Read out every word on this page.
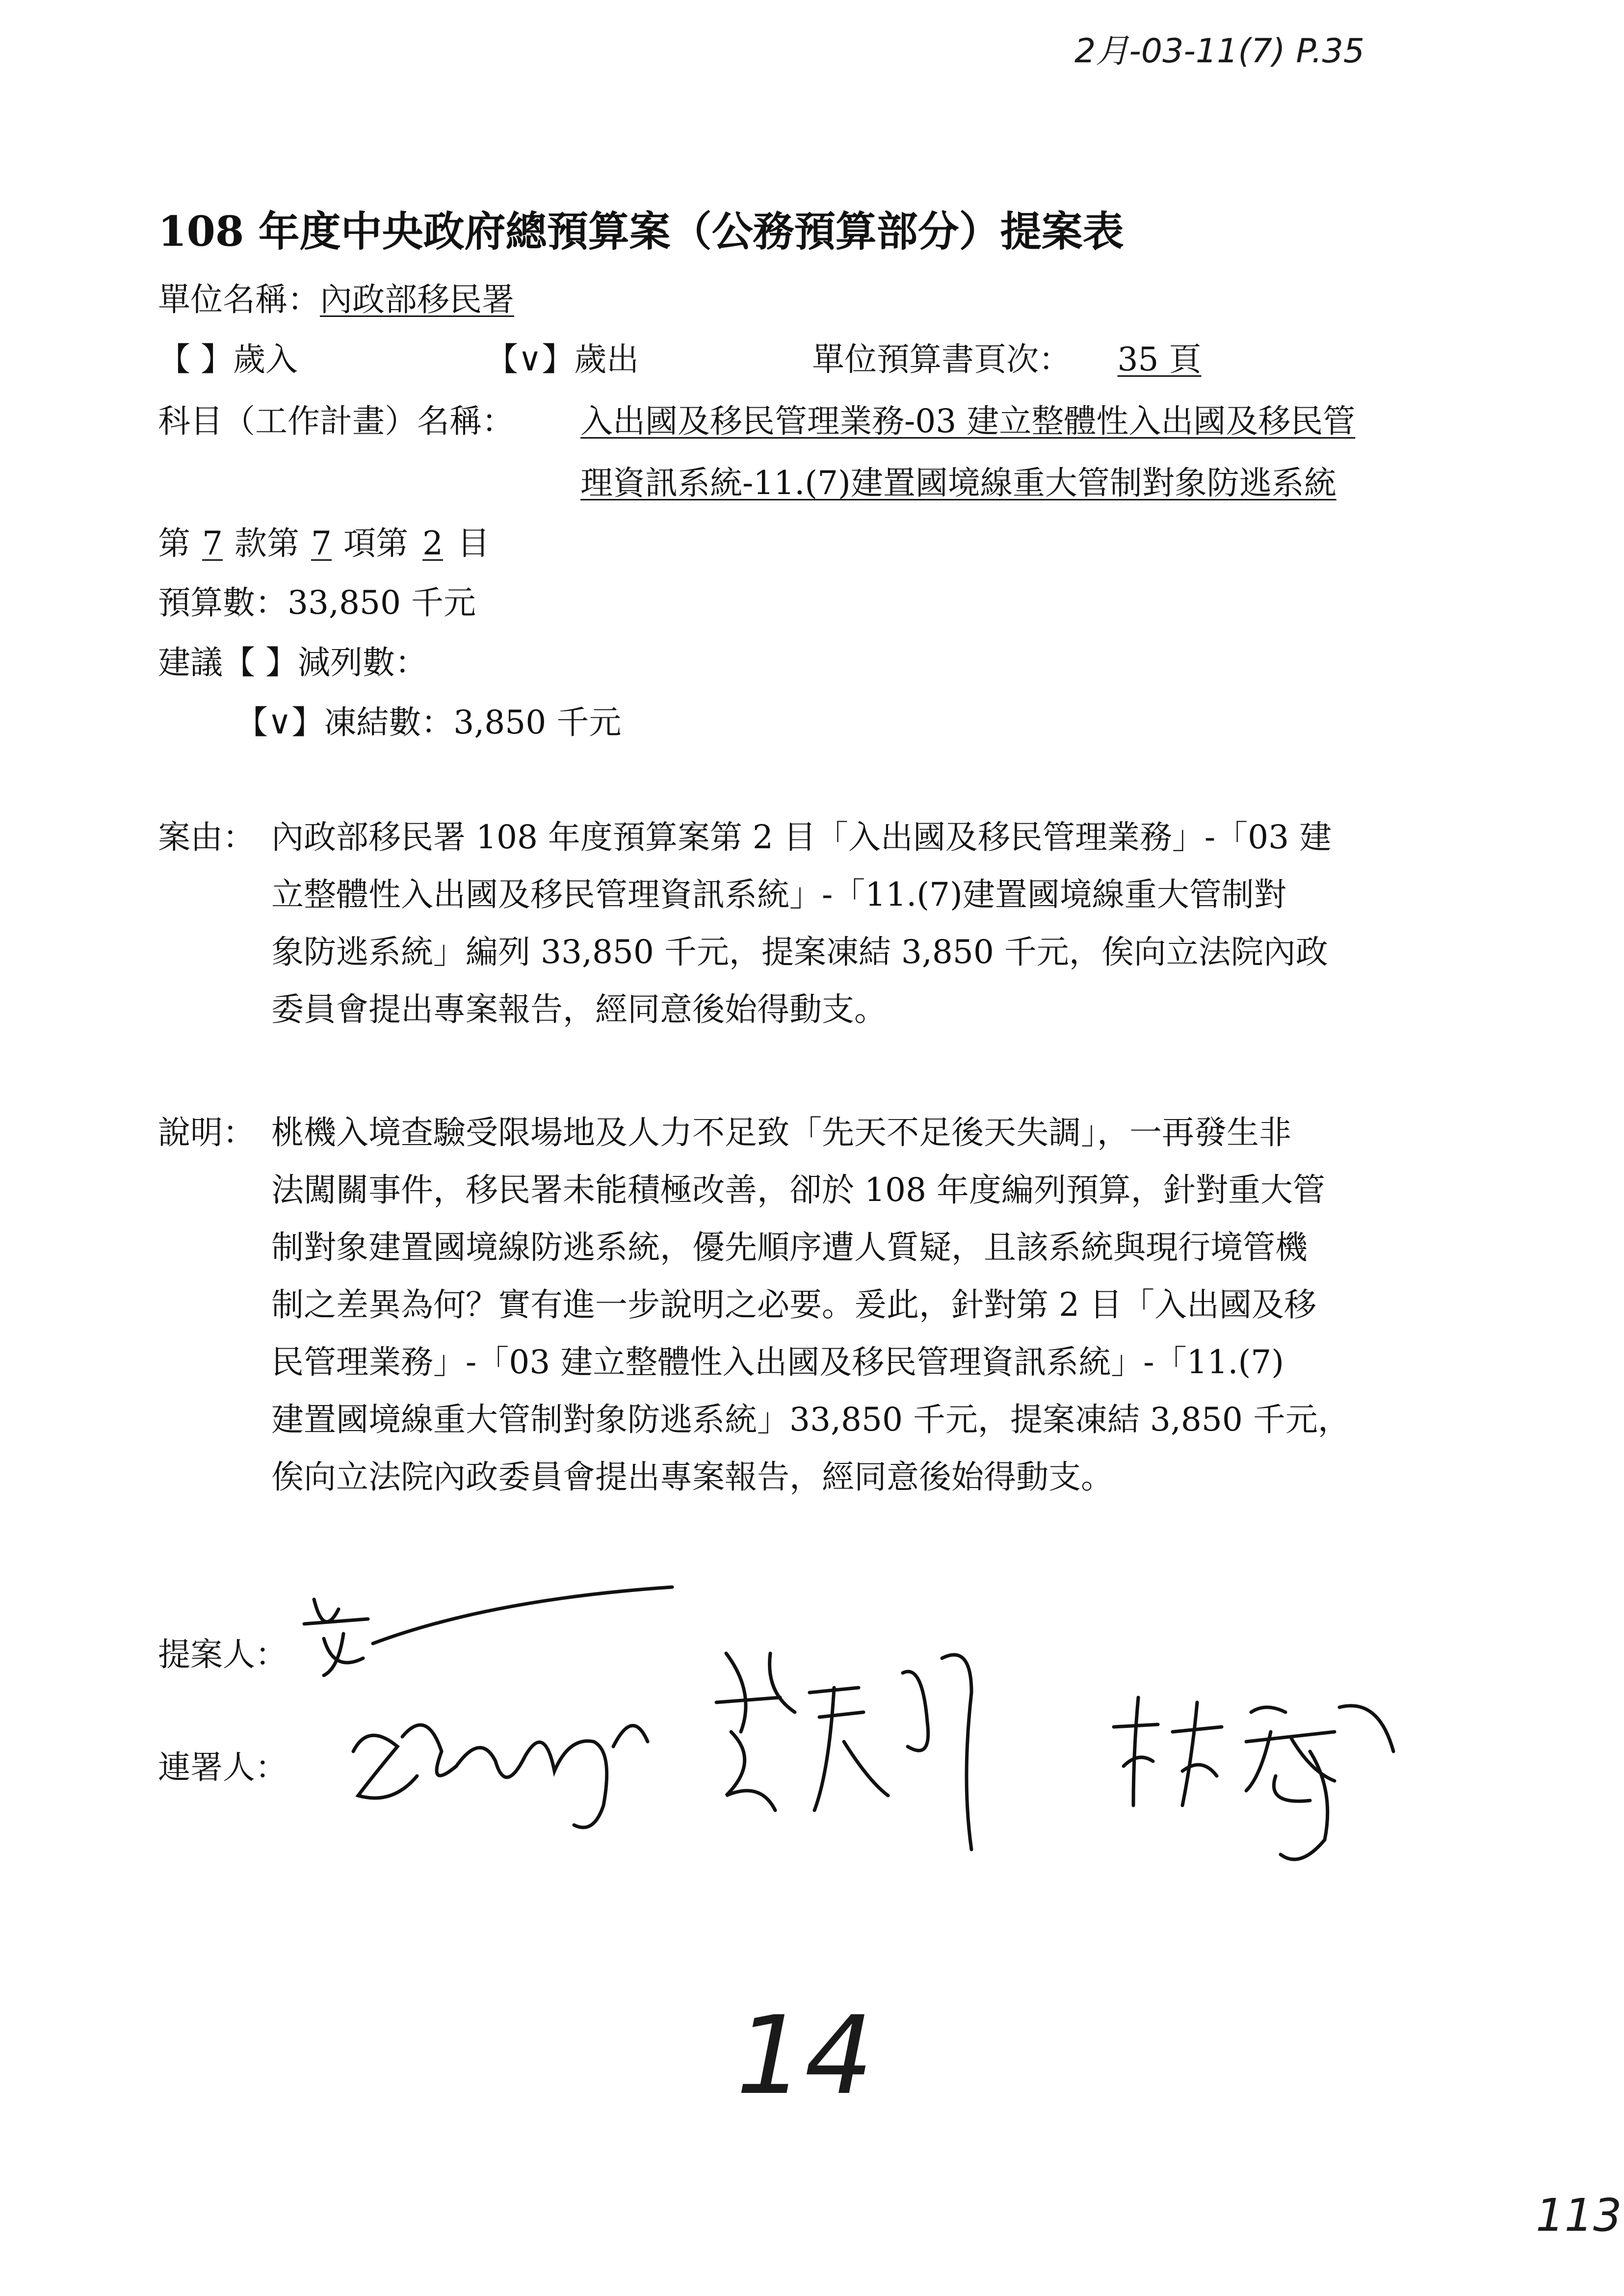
2月-03-11(7) P.35
108 年度中央政府總預算案（公務預算部分）提案表
單位名稱：內政部移民署
【 】歲入	【∨】歲出	單位預算書頁次： 35 頁
科目（工作計畫）名稱： 入出國及移民管理業務-03 建立整體性入出國及移民管
理資訊系統-11.(7)建置國境線重大管制對象防逃系統
第 7 款第 7 項第 2 目
預算數：33,850 千元
建議【 】減列數：
【∨】凍結數：3,850 千元
案由： 內政部移民署 108 年度預算案第 2 目「入出國及移民管理業務」-「03 建
立整體性入出國及移民管理資訊系統」-「11.(7)建置國境線重大管制對
象防逃系統」編列 33,850 千元，提案凍結 3,850 千元，俟向立法院內政
委員會提出專案報告，經同意後始得動支。
說明： 桃機入境查驗受限場地及人力不足致「先天不足後天失調」，一再發生非
法闖關事件，移民署未能積極改善，卻於 108 年度編列預算，針對重大管
制對象建置國境線防逃系統，優先順序遭人質疑，且該系統與現行境管機
制之差異為何？實有進一步說明之必要。爰此，針對第 2 目「入出國及移
民管理業務」-「03 建立整體性入出國及移民管理資訊系統」-「11.(7)
建置國境線重大管制對象防逃系統」33,850 千元，提案凍結 3,850 千元，
俟向立法院內政委員會提出專案報告，經同意後始得動支。
提案人：
連署人：
14
113
